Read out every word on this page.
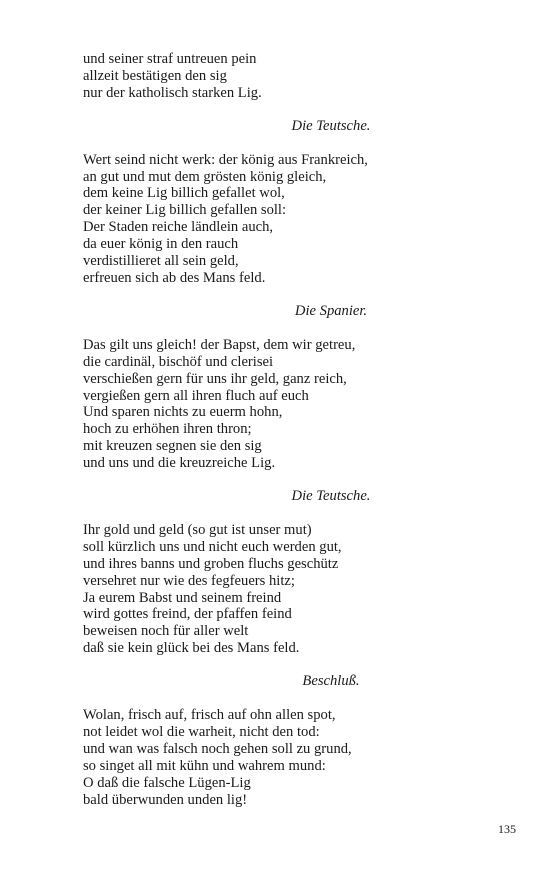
und seiner straf untreuen pein
allzeit bestätigen den sig
nur der katholisch starken Lig.
Die Teutsche.
Wert seind nicht werk: der könig aus Frankreich,
an gut und mut dem grösten könig gleich,
dem keine Lig billich gefallet wol,
der keiner Lig billich gefallen soll:
Der Staden reiche ländlein auch,
da euer könig in den rauch
verdistillieret all sein geld,
erfreuen sich ab des Mans feld.
Die Spanier.
Das gilt uns gleich! der Bapst, dem wir getreu,
die cardinäl, bischöf und clerisei
verschießen gern für uns ihr geld, ganz reich,
vergießen gern all ihren fluch auf euch
Und sparen nichts zu euerm hohn,
hoch zu erhöhen ihren thron;
mit kreuzen segnen sie den sig
und uns und die kreuzreiche Lig.
Die Teutsche.
Ihr gold und geld (so gut ist unser mut)
soll kürzlich uns und nicht euch werden gut,
und ihres banns und groben fluchs geschütz
versehret nur wie des fegfeuers hitz;
Ja eurem Babst und seinem freind
wird gottes freind, der pfaffen feind
beweisen noch für aller welt
daß sie kein glück bei des Mans feld.
Beschluß.
Wolan, frisch auf, frisch auf ohn allen spot,
not leidet wol die warheit, nicht den tod:
und wan was falsch noch gehen soll zu grund,
so singet all mit kühn und wahrem mund:
O daß die falsche Lügen-Lig
bald überwunden unden lig!
135
